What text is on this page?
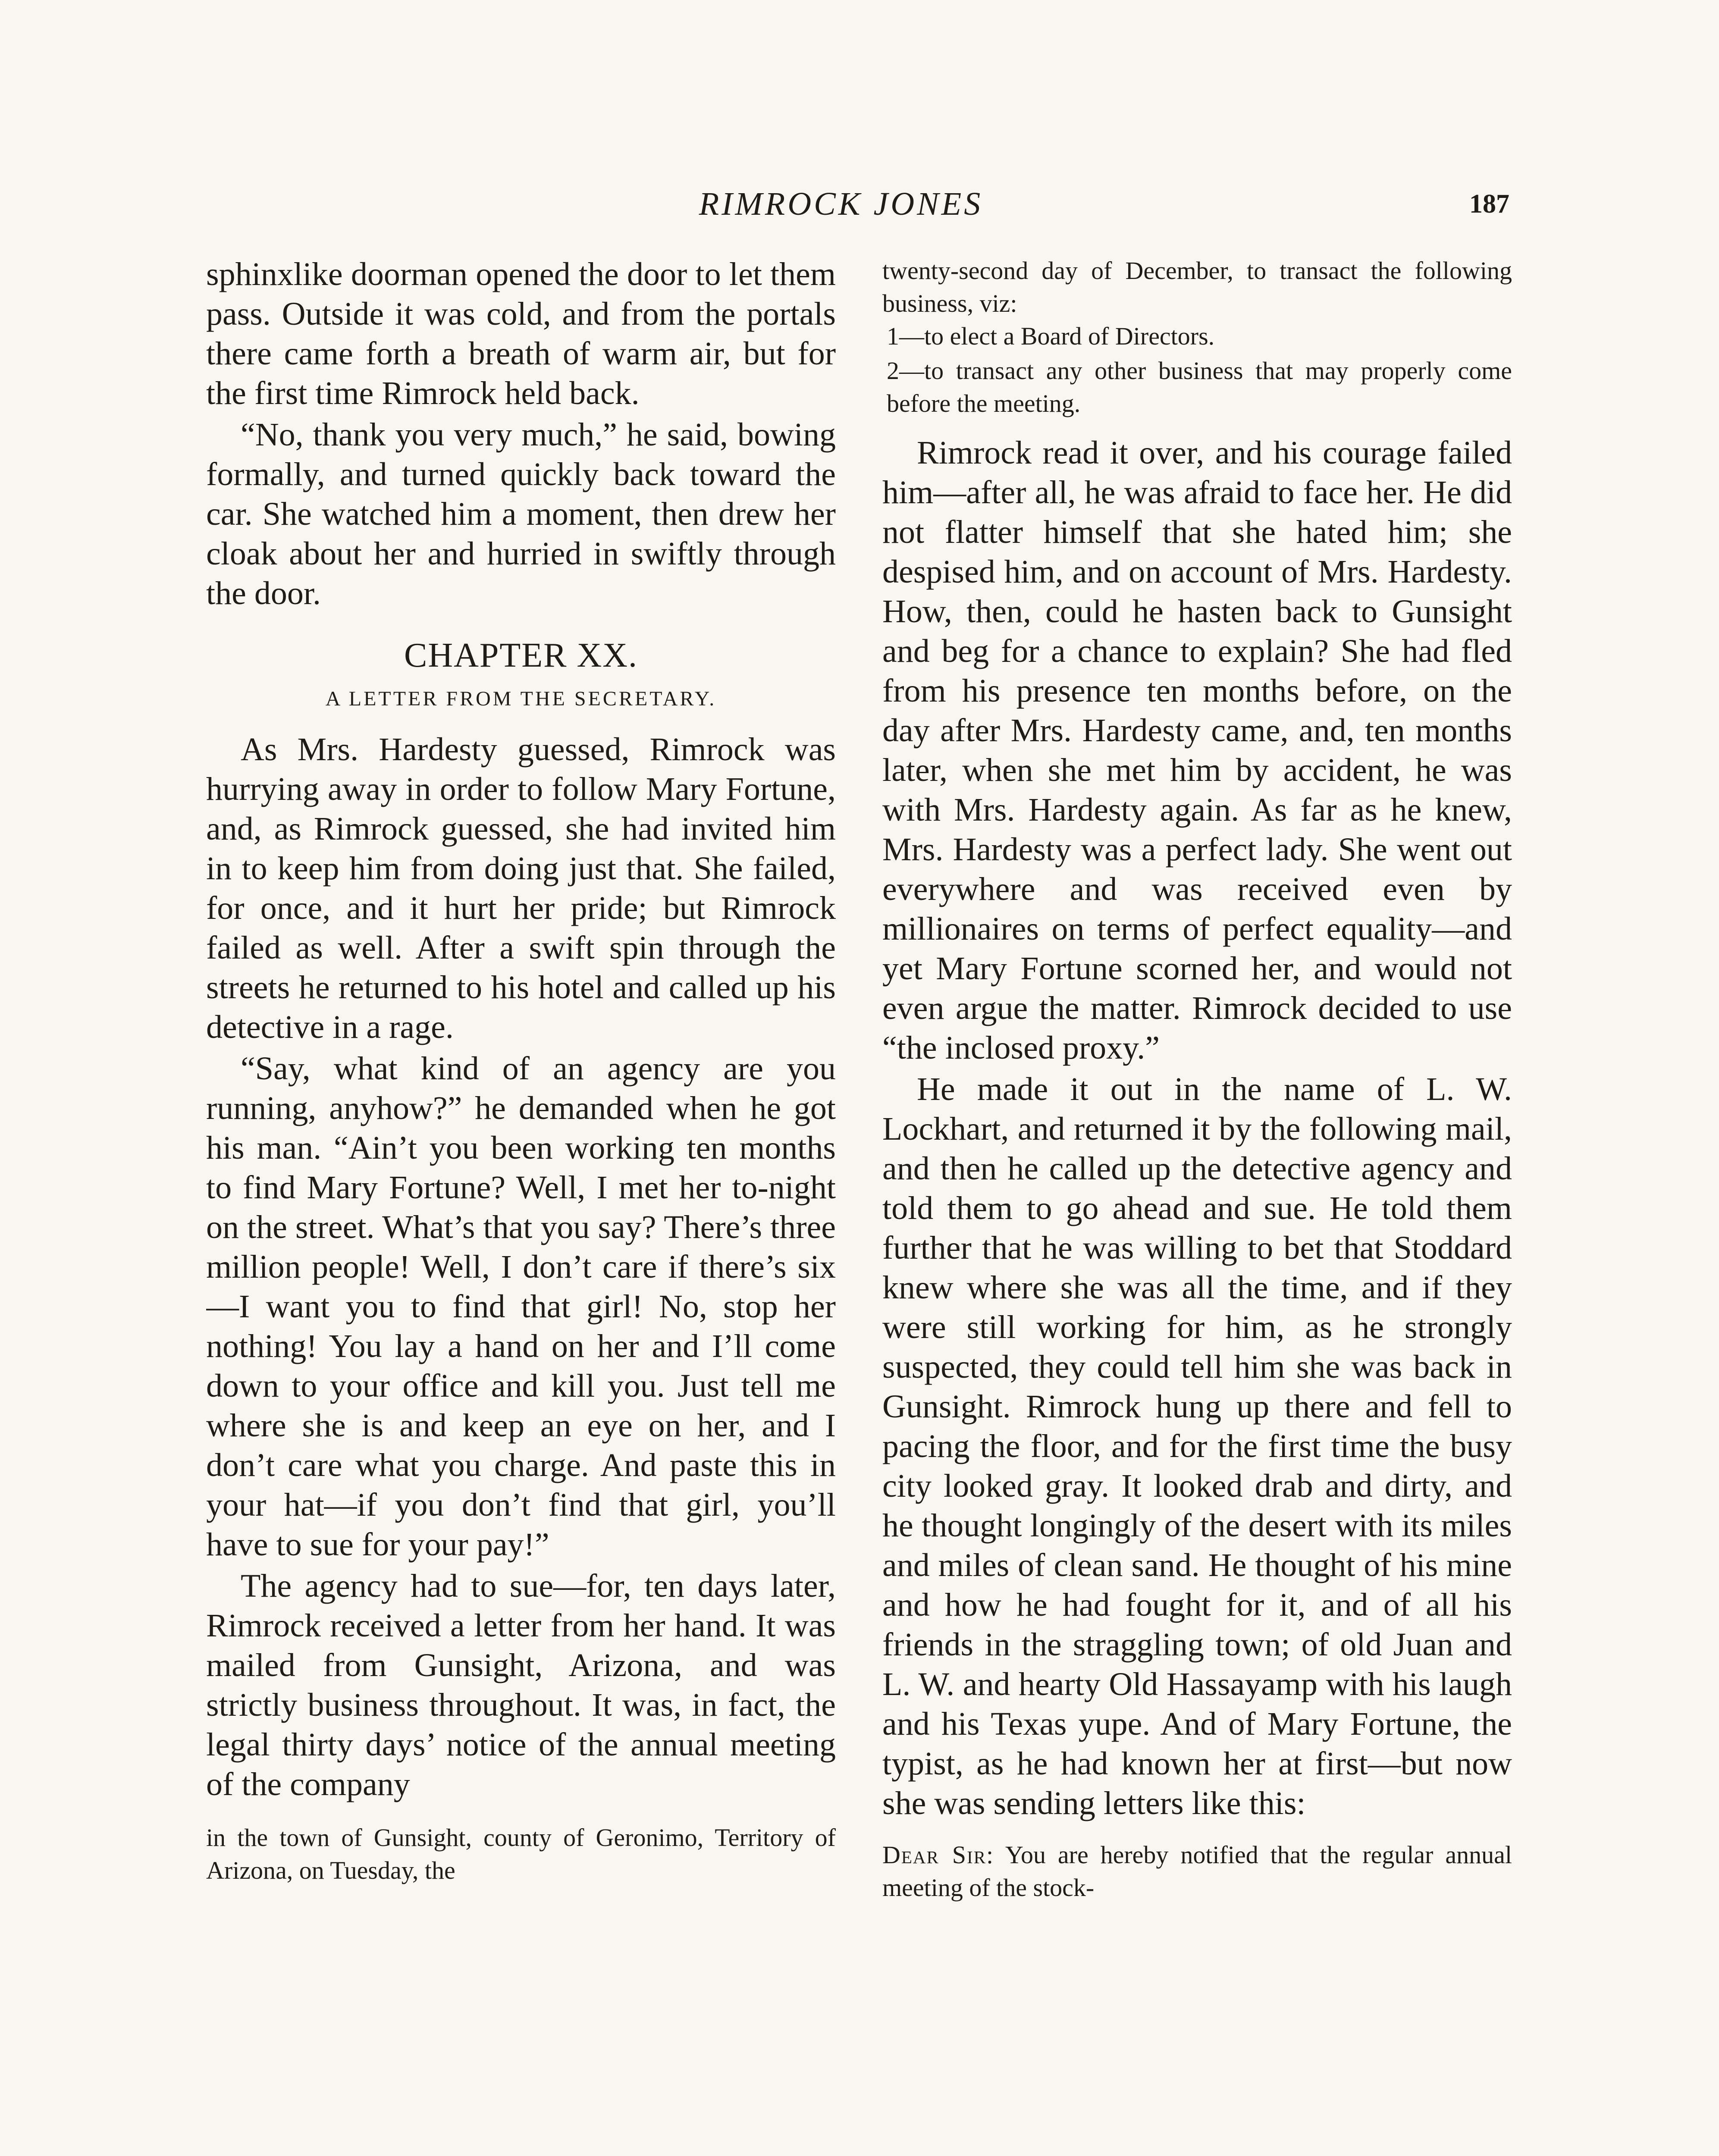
RIMROCK JONES	187

sphinxlike doorman opened the door to let them pass. Outside it was cold, and from the portals there came forth a breath of warm air, but for the first time Rimrock held back.

“No, thank you very much,” he said, bowing formally, and turned quickly back toward the car. She watched him a moment, then drew her cloak about her and hurried in swiftly through the door.

CHAPTER XX.
A LETTER FROM THE SECRETARY.

As Mrs. Hardesty guessed, Rimrock was hurrying away in order to follow Mary Fortune, and, as Rimrock guessed, she had invited him in to keep him from doing just that. She failed, for once, and it hurt her pride; but Rimrock failed as well. After a swift spin through the streets he returned to his hotel and called up his detective in a rage.

“Say, what kind of an agency are you running, anyhow?” he demanded when he got his man. “Ain’t you been working ten months to find Mary Fortune? Well, I met her to-night on the street. What’s that you say? There’s three million people! Well, I don’t care if there’s six—I want you to find that girl! No, stop her nothing! You lay a hand on her and I’ll come down to your office and kill you. Just tell me where she is and keep an eye on her, and I don’t care what you charge. And paste this in your hat—if you don’t find that girl, you’ll have to sue for your pay!”

The agency had to sue—for, ten days later, Rimrock received a letter from her hand. It was mailed from Gunsight, Arizona, and was strictly business throughout. It was, in fact, the legal thirty days’ notice of the annual meeting of the company

in the town of Gunsight, county of Geronimo, Territory of Arizona, on Tuesday, the

twenty-second day of December, to transact the following business, viz:

1—to elect a Board of Directors.

2—to transact any other business that may properly come before the meeting.

Rimrock read it over, and his courage failed him—after all, he was afraid to face her. He did not flatter himself that she hated him; she despised him, and on account of Mrs. Hardesty. How, then, could he hasten back to Gunsight and beg for a chance to explain? She had fled from his presence ten months before, on the day after Mrs. Hardesty came, and, ten months later, when she met him by accident, he was with Mrs. Hardesty again. As far as he knew, Mrs. Hardesty was a perfect lady. She went out everywhere and was received even by millionaires on terms of perfect equality—and yet Mary Fortune scorned her, and would not even argue the matter. Rimrock decided to use “the inclosed proxy.”

He made it out in the name of L. W. Lockhart, and returned it by the following mail, and then he called up the detective agency and told them to go ahead and sue. He told them further that he was willing to bet that Stoddard knew where she was all the time, and if they were still working for him, as he strongly suspected, they could tell him she was back in Gunsight. Rimrock hung up there and fell to pacing the floor, and for the first time the busy city looked gray. It looked drab and dirty, and he thought longingly of the desert with its miles and miles of clean sand. He thought of his mine and how he had fought for it, and of all his friends in the straggling town; of old Juan and L. W. and hearty Old Hassayamp with his laugh and his Texas yupe. And of Mary Fortune, the typist, as he had known her at first—but now she was sending letters like this:

Dear Sir: You are hereby notified that the regular annual meeting of the stock-
